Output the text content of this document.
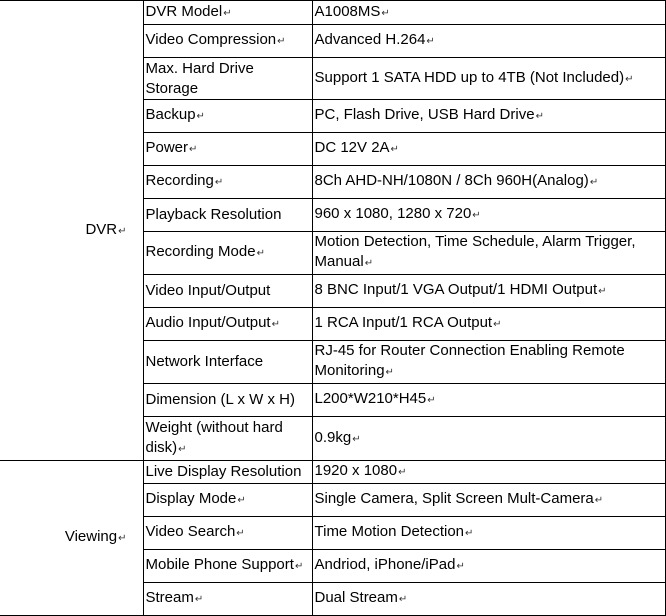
DVR↵	DVR Model↵	A1008MS↵
	Video Compression↵	Advanced H.264↵
	Max. Hard Drive Storage	Support 1 SATA HDD up to 4TB (Not Included)↵
	Backup↵	PC, Flash Drive, USB Hard Drive↵
	Power↵	DC 12V 2A↵
	Recording↵	8Ch AHD-NH/1080N / 8Ch 960H(Analog)↵
	Playback Resolution	960 x 1080, 1280 x 720↵
	Recording Mode↵	Motion Detection, Time Schedule, Alarm Trigger, Manual↵
	Video Input/Output	8 BNC Input/1 VGA Output/1 HDMI Output↵
	Audio Input/Output↵	1 RCA Input/1 RCA Output↵
	Network Interface	RJ-45 for Router Connection Enabling Remote Monitoring↵
	Dimension (L x W x H)	L200*W210*H45↵
	Weight (without hard disk)↵	0.9kg↵
Viewing↵	Live Display Resolution	1920 x 1080↵
	Display Mode↵	Single Camera, Split Screen Mult-Camera↵
	Video Search↵	Time Motion Detection↵
	Mobile Phone Support↵	Andriod, iPhone/iPad↵
	Stream↵	Dual Stream↵
